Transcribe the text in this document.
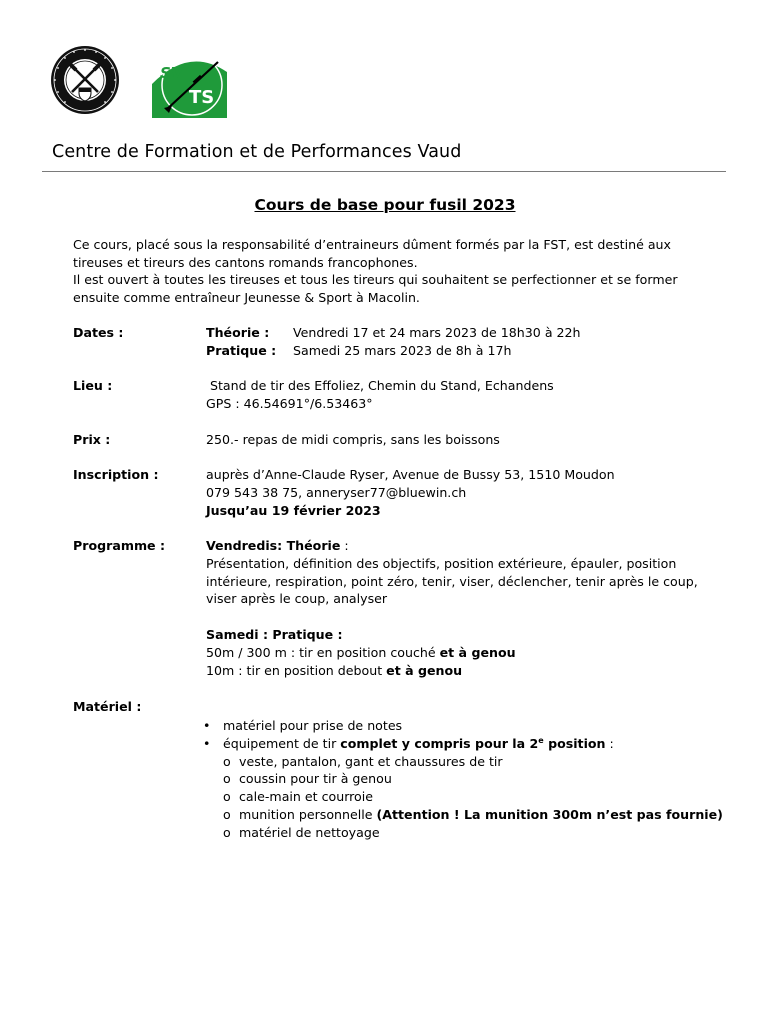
SV
TS
Centre de Formation et de Performances Vaud
Cours de base pour fusil 2023

Ce cours, placé sous la responsabilité d’entraineurs dûment formés par la FST, est destiné aux tireuses et tireurs des cantons romands francophones.

Il est ouvert à toutes les tireuses et tous les tireurs qui souhaitent se perfectionner et se former ensuite comme entraîneur Jeunesse & Sport à Macolin.

Dates :	Théorie : Vendredi 17 et 24 mars 2023 de 18h30 à 22h
Pratique : Samedi 25 mars 2023 de 8h à 17h
Lieu :	Stand de tir des Effoliez, Chemin du Stand, Echandens
GPS : 46.54691°/6.53463°
Prix :	250.- repas de midi compris, sans les boissons
Inscription :	auprès d’Anne-Claude Ryser, Avenue de Bussy 53, 1510 Moudon
079 543 38 75, anneryser77@bluewin.ch
Jusqu’au 19 février 2023
Programme :	Vendredis: Théorie :
Présentation, définition des objectifs, position extérieure, épauler, position
intérieure, respiration, point zéro, tenir, viser, déclencher, tenir après le coup,
viser après le coup, analyser
Samedi : Pratique :
50m / 300 m : tir en position couché et à genou
10m : tir en position debout et à genou
Matériel :
• matériel pour prise de notes
• équipement de tir complet y compris pour la 2e position :
o veste, pantalon, gant et chaussures de tir
o coussin pour tir à genou
o cale-main et courroie
o munition personnelle (Attention ! La munition 300m n’est pas fournie)
o matériel de nettoyage
